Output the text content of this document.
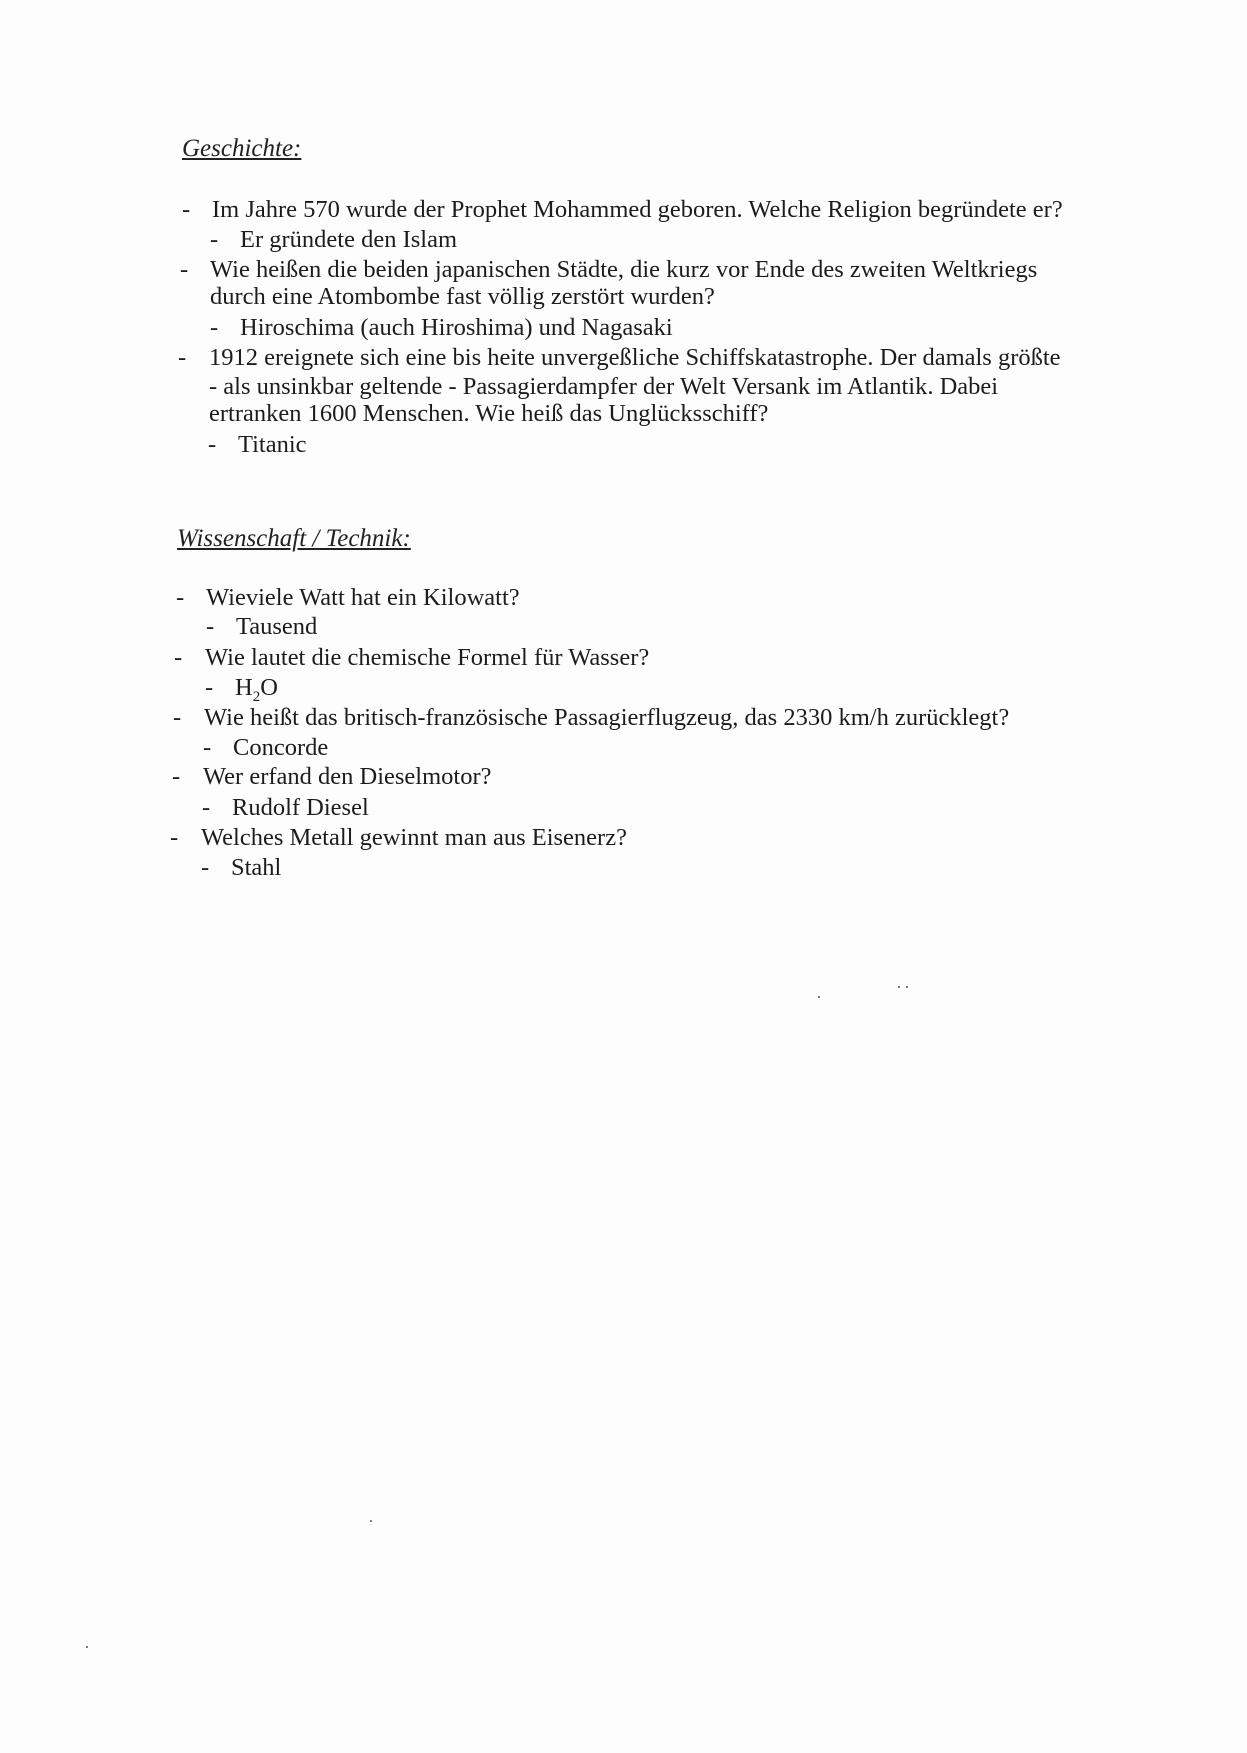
Geschichte:
- Im Jahre 570 wurde der Prophet Mohammed geboren. Welche Religion begründete er?
- Er gründete den Islam
- Wie heißen die beiden japanischen Städte, die kurz vor Ende des zweiten Weltkriegs
durch eine Atombombe fast völlig zerstört wurden?
- Hiroschima (auch Hiroshima) und Nagasaki
- 1912 ereignete sich eine bis heite unvergeßliche Schiffskatastrophe. Der damals größte
- als unsinkbar geltende - Passagierdampfer der Welt Versank im Atlantik. Dabei
ertranken 1600 Menschen. Wie heiß das Unglücksschiff?
- Titanic
Wissenschaft / Technik:
- Wieviele Watt hat ein Kilowatt?
- Tausend
- Wie lautet die chemische Formel für Wasser?
- $H_2O$
- Wie heißt das britisch-französische Passagierflugzeug, das 2330 km/h zurücklegt?
- Concorde
- Wer erfand den Dieselmotor?
- Rudolf Diesel
- Welches Metall gewinnt man aus Eisenerz?
- Stahl
